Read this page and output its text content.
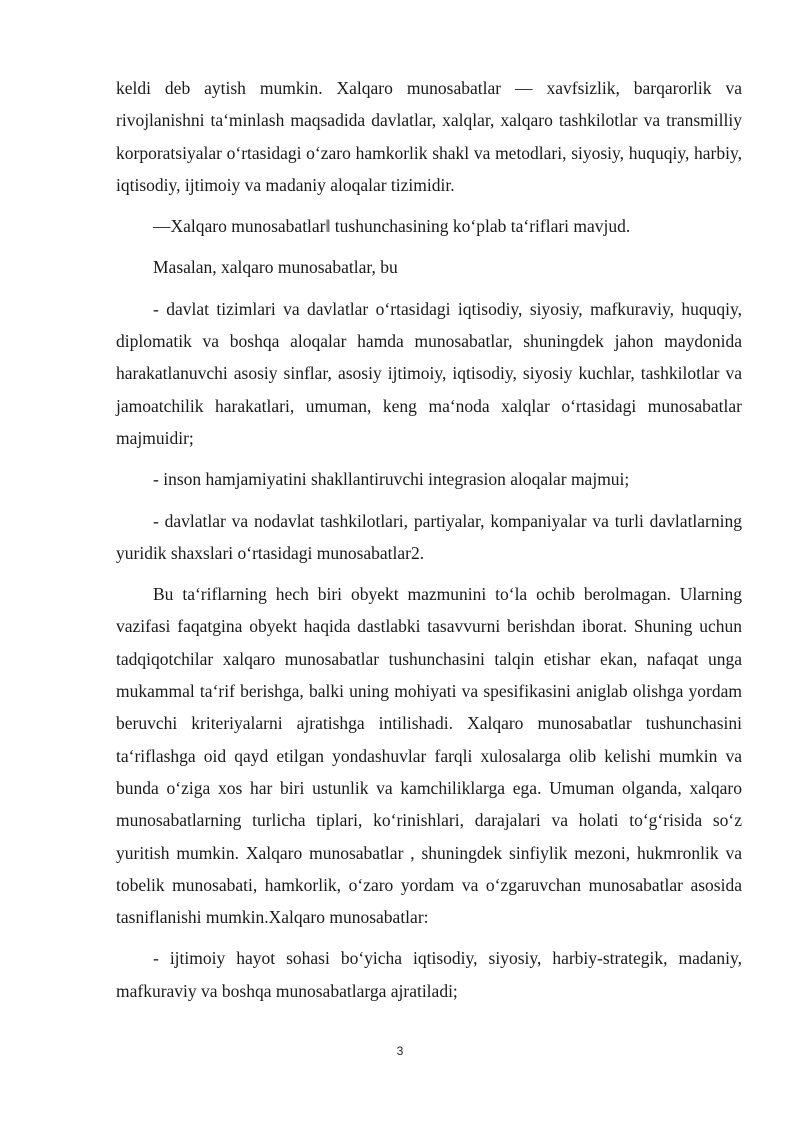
keldi deb aytish mumkin. Xalqaro munosabatlar — xavfsizlik, barqarorlik va rivojlanishni taʻminlash maqsadida davlatlar, xalqlar, xalqaro tashkilotlar va transmilliy korporatsiyalar oʻrtasidagi oʻzaro hamkorlik shakl va metodlari, siyosiy, huquqiy, harbiy, iqtisodiy, ijtimoiy va madaniy aloqalar tizimidir.

―Xalqaro munosabatlar‖ tushunchasining koʻplab taʻriflari mavjud.

Masalan, xalqaro munosabatlar, bu

- davlat tizimlari va davlatlar oʻrtasidagi iqtisodiy, siyosiy, mafkuraviy, huquqiy, diplomatik va boshqa aloqalar hamda munosabatlar, shuningdek jahon maydonida harakatlanuvchi asosiy sinflar, asosiy ijtimoiy, iqtisodiy, siyosiy kuchlar, tashkilotlar va jamoatchilik harakatlari, umuman, keng maʻnoda xalqlar oʻrtasidagi munosabatlar majmuidir;

- inson hamjamiyatini shakllantiruvchi integrasion aloqalar majmui;

- davlatlar va nodavlat tashkilotlari, partiyalar, kompaniyalar va turli davlatlarning yuridik shaxslari oʻrtasidagi munosabatlar2.

Bu taʻriflarning hech biri obyekt mazmunini toʻla ochib berolmagan. Ularning vazifasi faqatgina obyekt haqida dastlabki tasavvurni berishdan iborat. Shuning uchun tadqiqotchilar xalqaro munosabatlar tushunchasini talqin etishar ekan, nafaqat unga mukammal taʻrif berishga, balki uning mohiyati va spesifikasini aniglab olishga yordam beruvchi kriteriyalarni ajratishga intilishadi. Xalqaro munosabatlar tushunchasini taʻriflashga oid qayd etilgan yondashuvlar farqli xulosalarga olib kelishi mumkin va bunda oʻziga xos har biri ustunlik va kamchiliklarga ega. Umuman olganda, xalqaro munosabatlarning turlicha tiplari, koʻrinishlari, darajalari va holati toʻgʻrisida soʻz yuritish mumkin. Xalqaro munosabatlar , shuningdek sinfiylik mezoni, hukmronlik va tobelik munosabati, hamkorlik, oʻzaro yordam va oʻzgaruvchan munosabatlar asosida tasniflanishi mumkin.Xalqaro munosabatlar:

- ijtimoiy hayot sohasi boʻyicha iqtisodiy, siyosiy, harbiy-strategik, madaniy, mafkuraviy va boshqa munosabatlarga ajratiladi;

3
